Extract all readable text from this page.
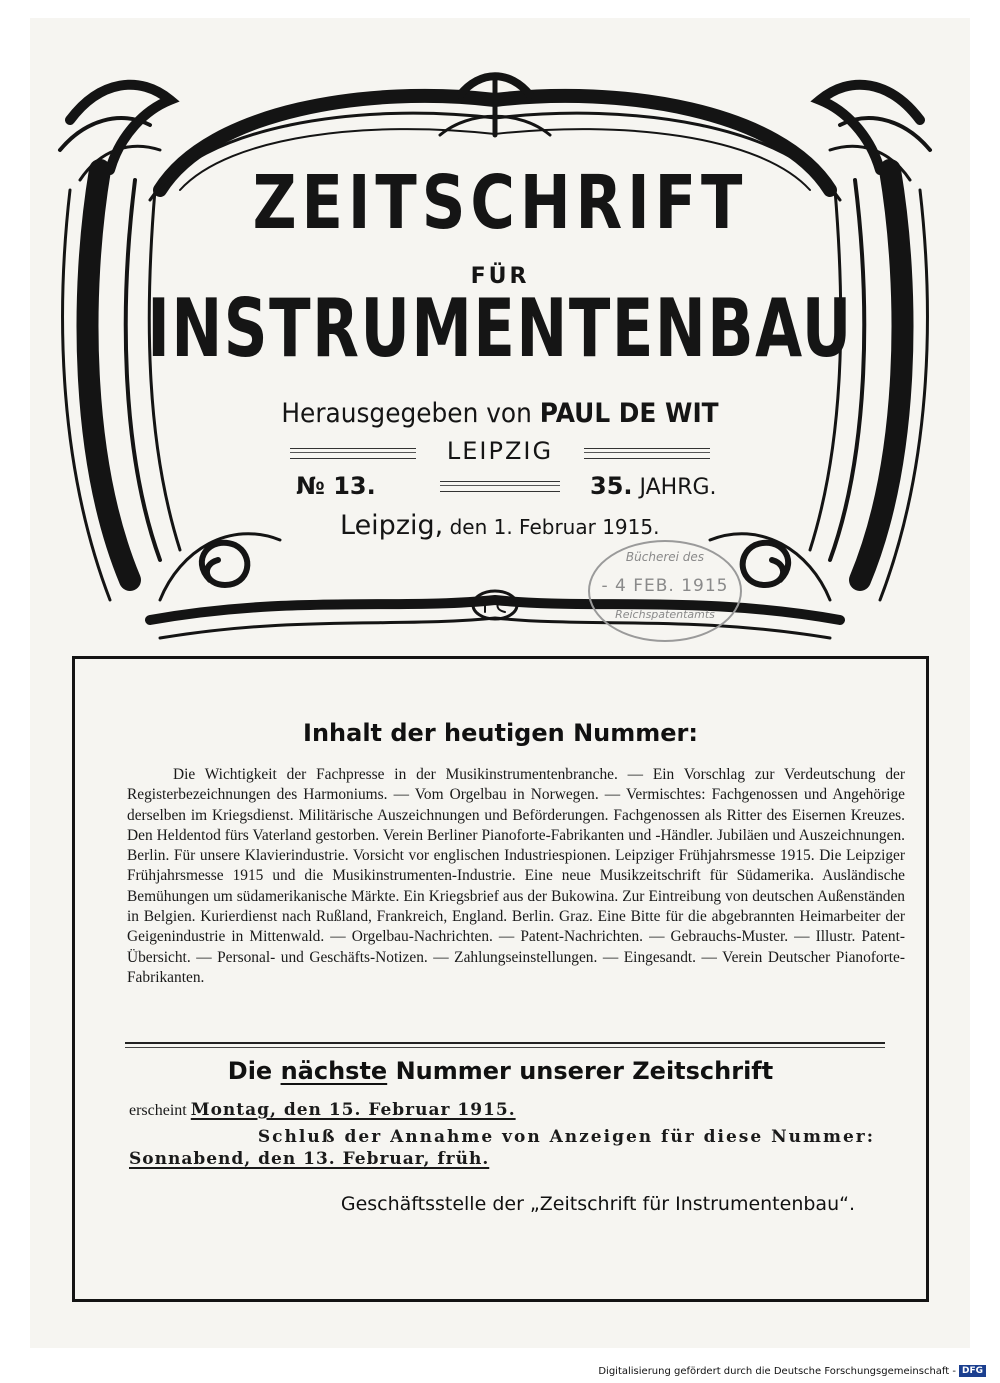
ZEITSCHRIFT
FÜR
INSTRUMENTENBAU
Herausgegeben von PAUL DE WIT
LEIPZIG
№ 13.	35. JAHRG.
Leipzig, den 1. Februar 1915.
Bücherei des
- 4 FEB. 1915
Reichspatentamts
Inhalt der heutigen Nummer:
Die Wichtigkeit der Fachpresse in der Musikinstrumentenbranche. — Ein Vorschlag zur Verdeutschung der Registerbezeichnungen des Harmoniums. — Vom Orgelbau in Norwegen. — Vermischtes: Fachgenossen und Angehörige derselben im Kriegsdienst. Militärische Auszeichnungen und Beförderungen. Fachgenossen als Ritter des Eisernen Kreuzes. Den Heldentod fürs Vaterland gestorben. Verein Berliner Pianoforte-Fabrikanten und -Händler. Jubiläen und Auszeichnungen. Berlin. Für unsere Klavierindustrie. Vorsicht vor englischen Industriespionen. Leipziger Frühjahrsmesse 1915. Die Leipziger Frühjahrsmesse 1915 und die Musikinstrumenten-Industrie. Eine neue Musikzeitschrift für Südamerika. Ausländische Bemühungen um südamerikanische Märkte. Ein Kriegsbrief aus der Bukowina. Zur Eintreibung von deutschen Außenständen in Belgien. Kurierdienst nach Rußland, Frankreich, England. Berlin. Graz. Eine Bitte für die abgebrannten Heimarbeiter der Geigenindustrie in Mittenwald. — Orgelbau-Nachrichten. — Patent-Nachrichten. — Gebrauchs-Muster. — Illustr. Patent-Übersicht. — Personal- und Geschäfts-Notizen. — Zahlungseinstellungen. — Eingesandt. — Verein Deutscher Pianoforte-Fabrikanten.
Die nächste Nummer unserer Zeitschrift
erscheint Montag, den 15. Februar 1915.
Schluß der Annahme von Anzeigen für diese Nummer:
Sonnabend, den 13. Februar, früh.
Geschäftsstelle der „Zeitschrift für Instrumentenbau“.
Digitalisierung gefördert durch die Deutsche Forschungsgemeinschaft - DFG
